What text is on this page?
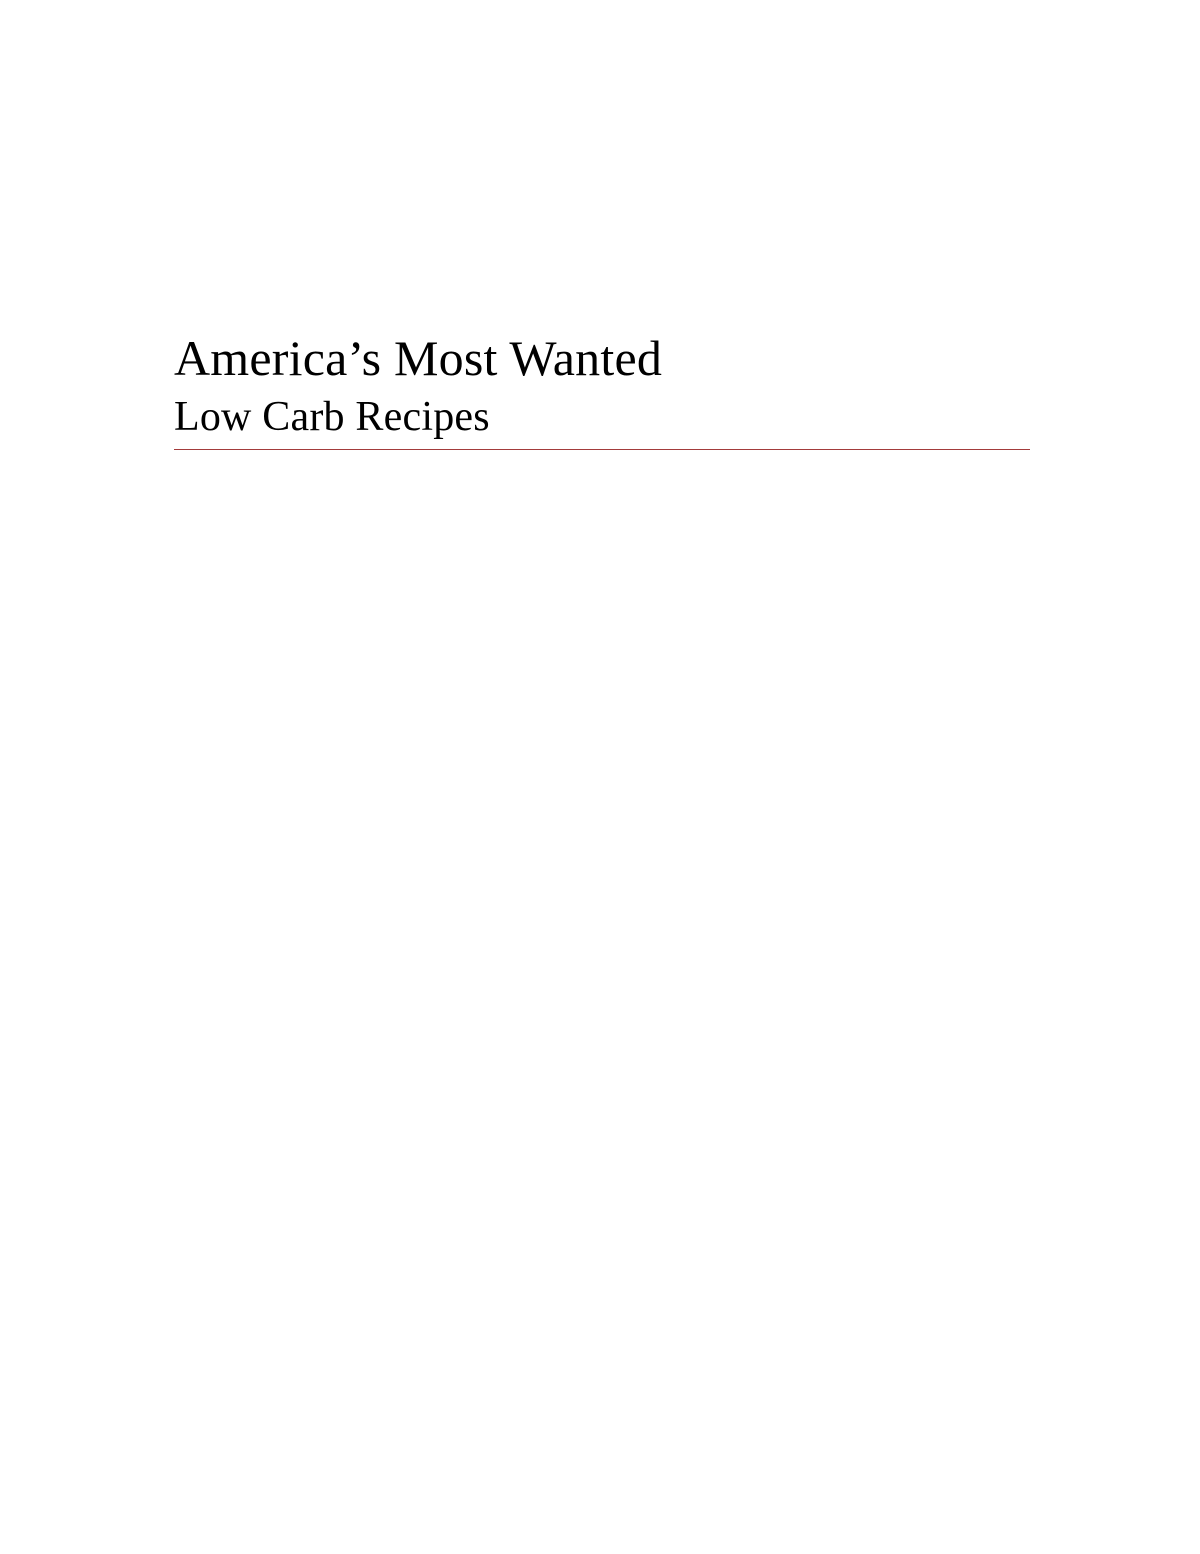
America’s Most Wanted
Low Carb Recipes
